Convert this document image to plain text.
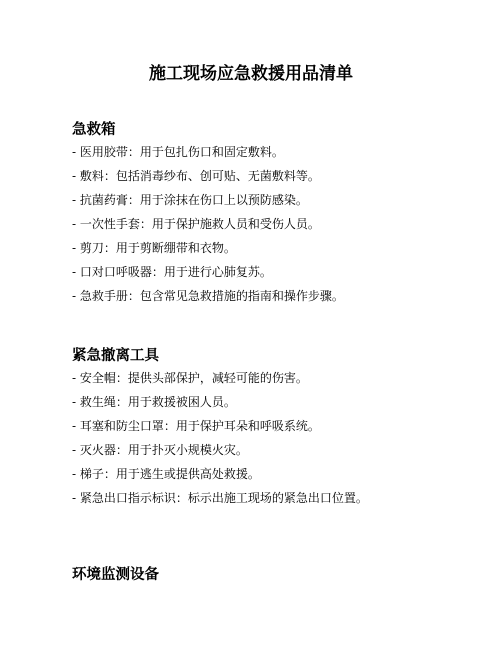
施工现场应急救援用品清单
急救箱
- 医用胶带：用于包扎伤口和固定敷料。
- 敷料：包括消毒纱布、创可贴、无菌敷料等。
- 抗菌药膏：用于涂抹在伤口上以预防感染。
- 一次性手套：用于保护施救人员和受伤人员。
- 剪刀：用于剪断绷带和衣物。
- 口对口呼吸器：用于进行心肺复苏。
- 急救手册：包含常见急救措施的指南和操作步骤。
紧急撤离工具
- 安全帽：提供头部保护，减轻可能的伤害。
- 救生绳：用于救援被困人员。
- 耳塞和防尘口罩：用于保护耳朵和呼吸系统。
- 灭火器：用于扑灭小规模火灾。
- 梯子：用于逃生或提供高处救援。
- 紧急出口指示标识：标示出施工现场的紧急出口位置。
环境监测设备
